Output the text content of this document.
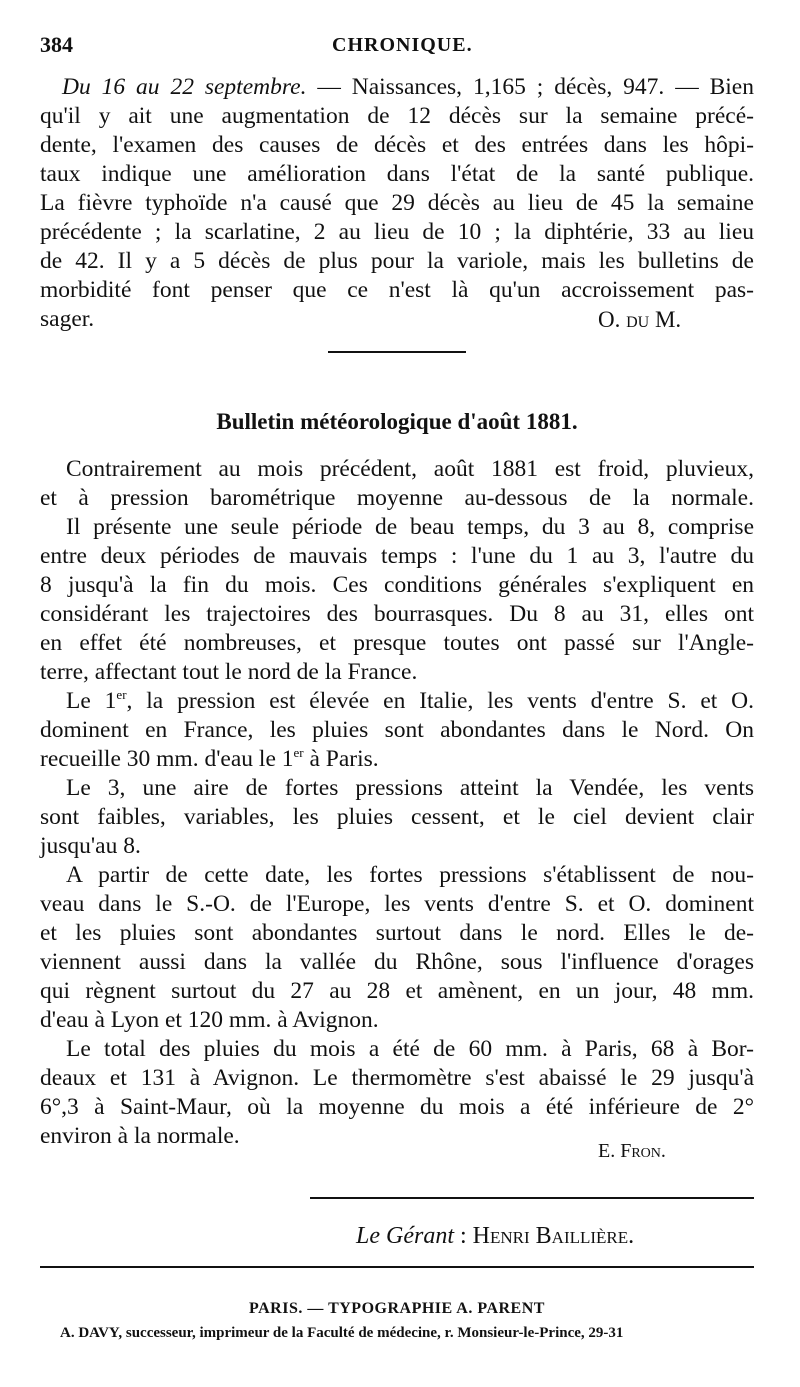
384	CHRONIQUE.
Du 16 au 22 septembre. — Naissances, 1,165 ; décès, 947. — Bien
qu'il y ait une augmentation de 12 décès sur la semaine précé-
dente, l'examen des causes de décès et des entrées dans les hôpi-
taux indique une amélioration dans l'état de la santé publique.
La fièvre typhoïde n'a causé que 29 décès au lieu de 45 la semaine
précédente ; la scarlatine, 2 au lieu de 10 ; la diphtérie, 33 au lieu
de 42. Il y a 5 décès de plus pour la variole, mais les bulletins de
morbidité font penser que ce n'est là qu'un accroissement pas-
sager.	O. du M.
Bulletin météorologique d'août 1881.
Contrairement au mois précédent, août 1881 est froid, pluvieux,
et à pression barométrique moyenne au-dessous de la normale.
Il présente une seule période de beau temps, du 3 au 8, comprise
entre deux périodes de mauvais temps : l'une du 1 au 3, l'autre du
8 jusqu'à la fin du mois. Ces conditions générales s'expliquent en
considérant les trajectoires des bourrasques. Du 8 au 31, elles ont
en effet été nombreuses, et presque toutes ont passé sur l'Angle-
terre, affectant tout le nord de la France.
Le 1er, la pression est élevée en Italie, les vents d'entre S. et O.
dominent en France, les pluies sont abondantes dans le Nord. On
recueille 30 mm. d'eau le 1er à Paris.
Le 3, une aire de fortes pressions atteint la Vendée, les vents
sont faibles, variables, les pluies cessent, et le ciel devient clair
jusqu'au 8.
A partir de cette date, les fortes pressions s'établissent de nou-
veau dans le S.-O. de l'Europe, les vents d'entre S. et O. dominent
et les pluies sont abondantes surtout dans le nord. Elles le de-
viennent aussi dans la vallée du Rhône, sous l'influence d'orages
qui règnent surtout du 27 au 28 et amènent, en un jour, 48 mm.
d'eau à Lyon et 120 mm. à Avignon.
Le total des pluies du mois a été de 60 mm. à Paris, 68 à Bor-
deaux et 131 à Avignon. Le thermomètre s'est abaissé le 29 jusqu'à
6°,3 à Saint-Maur, où la moyenne du mois a été inférieure de 2°
environ à la normale.
E. Fron.
Le Gérant : Henri Baillière.
PARIS. — TYPOGRAPHIE A. PARENT
A. DAVY, successeur, imprimeur de la Faculté de médecine, r. Monsieur-le-Prince, 29-31
